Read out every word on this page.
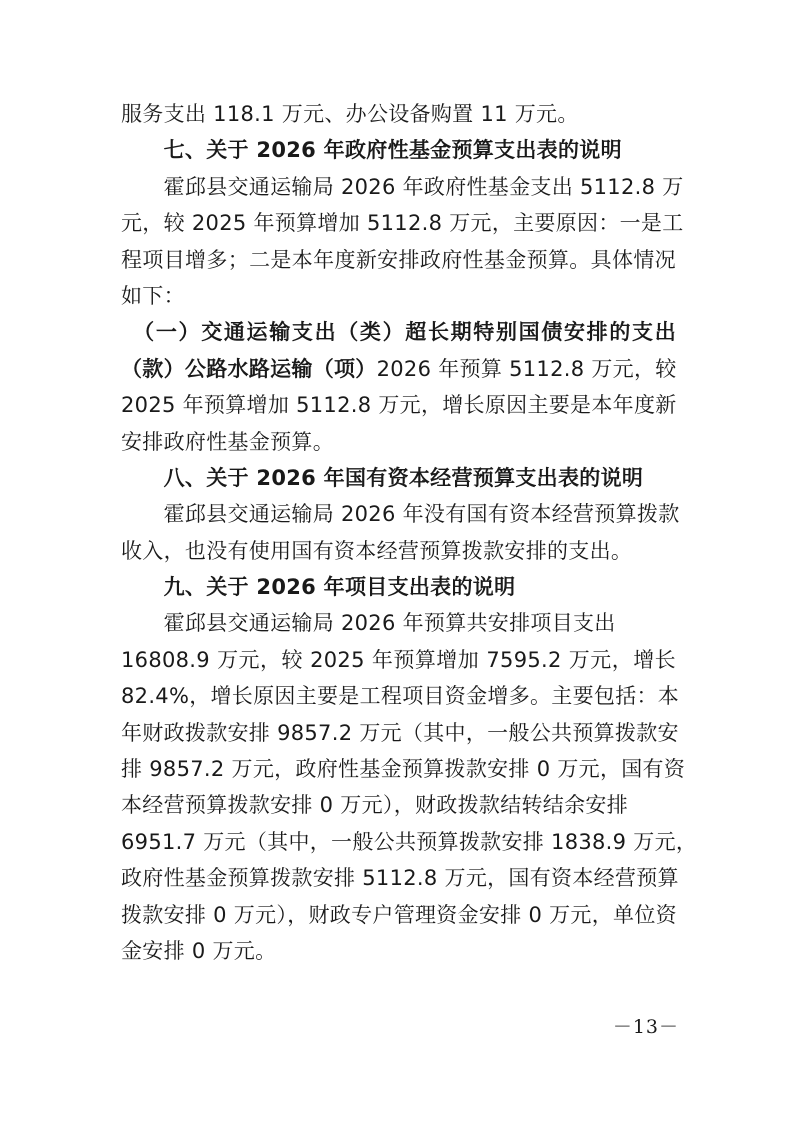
服务支出 118.1 万元、办公设备购置 11 万元。
　　七、关于 2026 年政府性基金预算支出表的说明
　　霍邱县交通运输局 2026 年政府性基金支出 5112.8 万
元，较 2025 年预算增加 5112.8 万元，主要原因：一是工
程项目增多；二是本年度新安排政府性基金预算。具体情况
如下：
　（一）交通运输支出（类）超长期特别国债安排的支出
（款）公路水路运输（项）2026 年预算 5112.8 万元，较
2025 年预算增加 5112.8 万元，增长原因主要是本年度新
安排政府性基金预算。
　　八、关于 2026 年国有资本经营预算支出表的说明
　　霍邱县交通运输局 2026 年没有国有资本经营预算拨款
收入，也没有使用国有资本经营预算拨款安排的支出。
　　九、关于 2026 年项目支出表的说明
　　霍邱县交通运输局 2026 年预算共安排项目支出
16808.9 万元，较 2025 年预算增加 7595.2 万元，增长
82.4%，增长原因主要是工程项目资金增多。主要包括：本
年财政拨款安排 9857.2 万元（其中，一般公共预算拨款安
排 9857.2 万元，政府性基金预算拨款安排 0 万元，国有资
本经营预算拨款安排 0 万元），财政拨款结转结余安排
6951.7 万元（其中，一般公共预算拨款安排 1838.9 万元，
政府性基金预算拨款安排 5112.8 万元，国有资本经营预算
拨款安排 0 万元），财政专户管理资金安排 0 万元，单位资
金安排 0 万元。
－13－
